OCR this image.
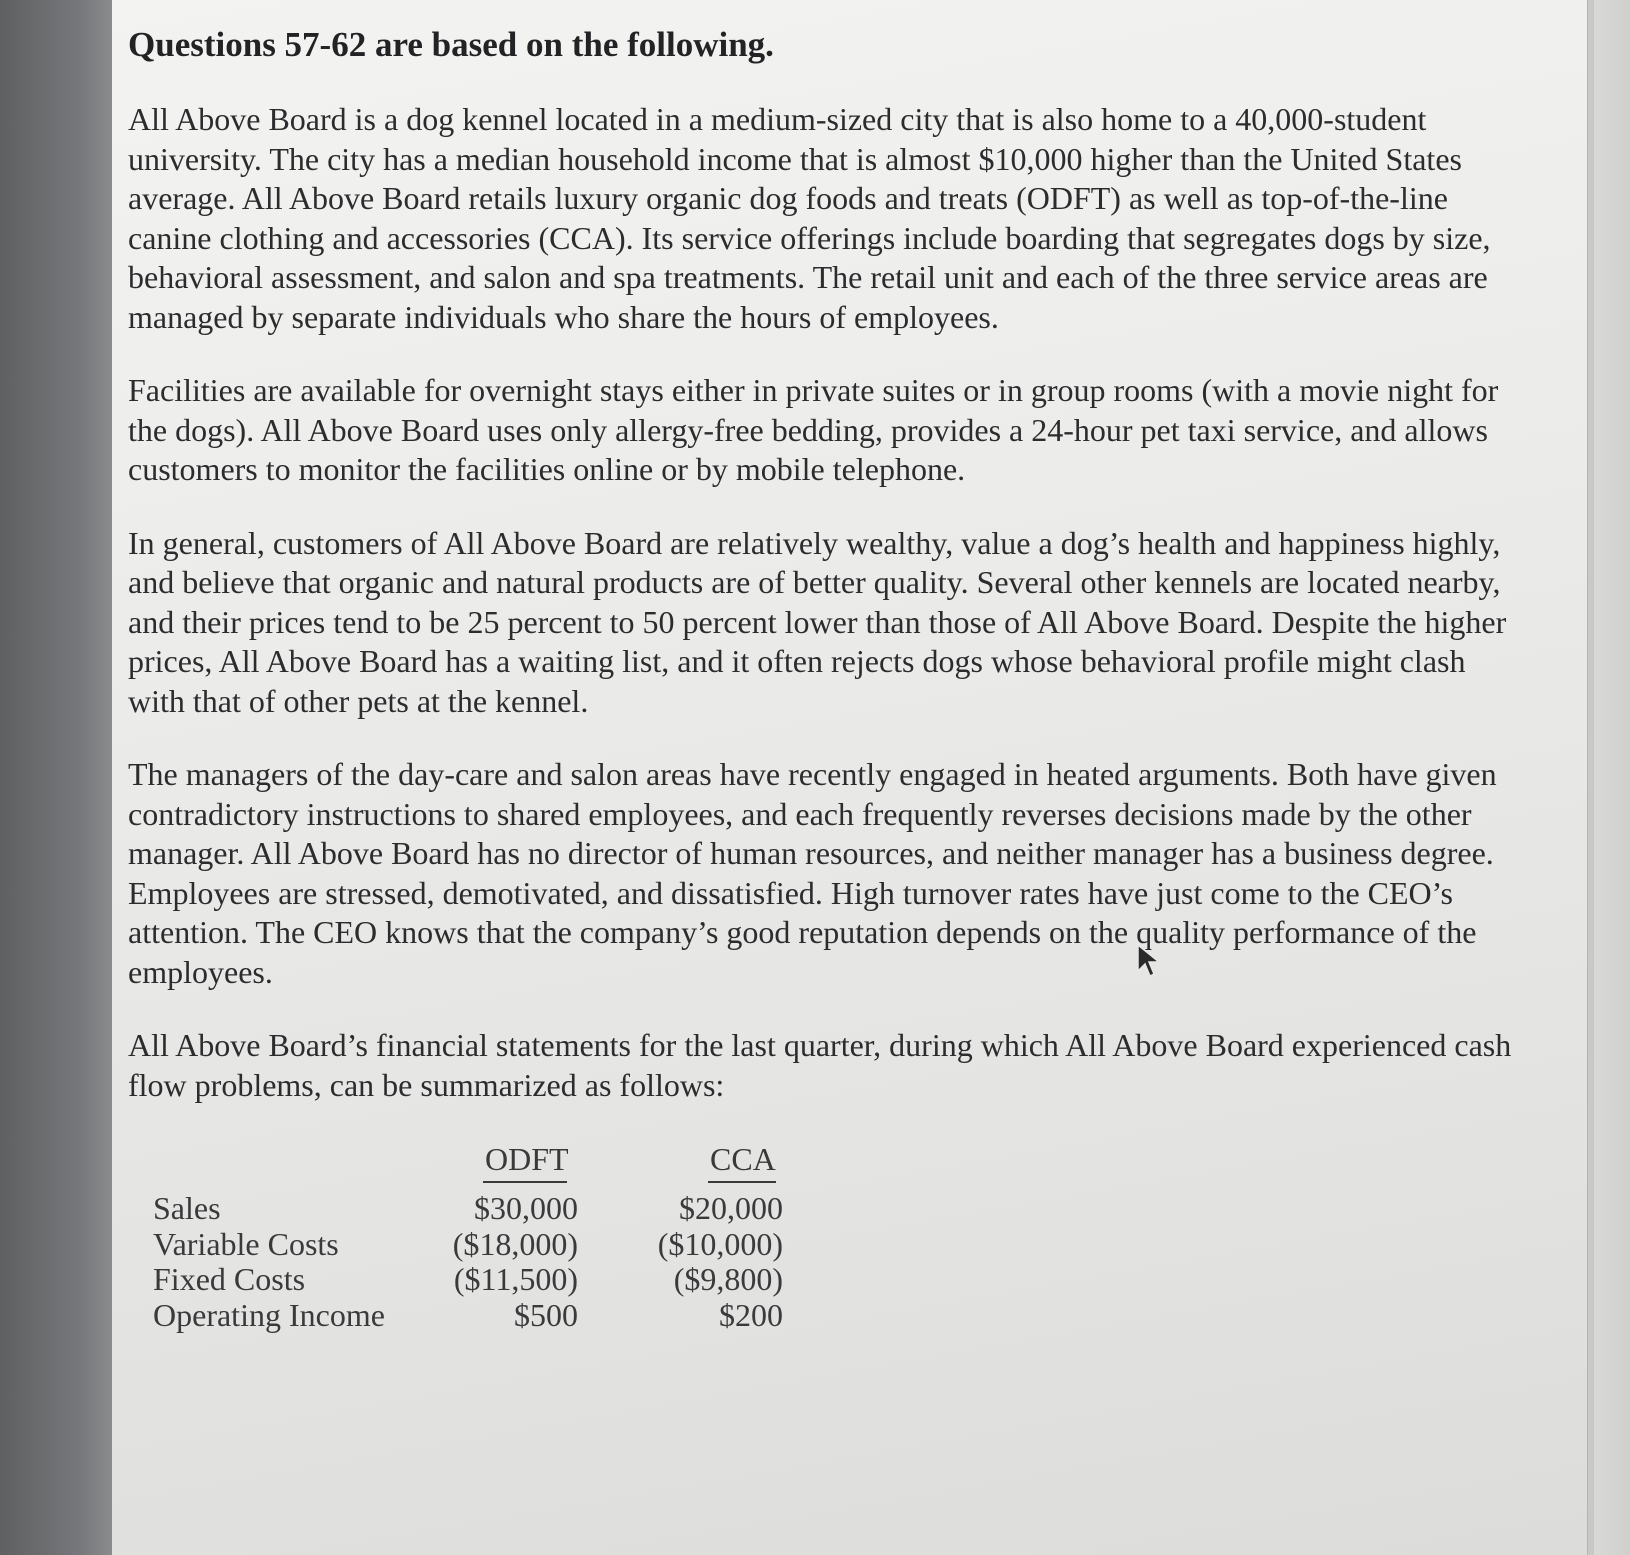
Questions 57-62 are based on the following.

All Above Board is a dog kennel located in a medium-sized city that is also home to a 40,000-student university. The city has a median household income that is almost $10,000 higher than the United States average. All Above Board retails luxury organic dog foods and treats (ODFT) as well as top-of-the-line canine clothing and accessories (CCA). Its service offerings include boarding that segregates dogs by size, behavioral assessment, and salon and spa treatments. The retail unit and each of the three service areas are managed by separate individuals who share the hours of employees.

Facilities are available for overnight stays either in private suites or in group rooms (with a movie night for the dogs). All Above Board uses only allergy-free bedding, provides a 24-hour pet taxi service, and allows customers to monitor the facilities online or by mobile telephone.

In general, customers of All Above Board are relatively wealthy, value a dog’s health and happiness highly, and believe that organic and natural products are of better quality. Several other kennels are located nearby, and their prices tend to be 25 percent to 50 percent lower than those of All Above Board. Despite the higher prices, All Above Board has a waiting list, and it often rejects dogs whose behavioral profile might clash with that of other pets at the kennel.

The managers of the day-care and salon areas have recently engaged in heated arguments. Both have given contradictory instructions to shared employees, and each frequently reverses decisions made by the other manager. All Above Board has no director of human resources, and neither manager has a business degree. Employees are stressed, demotivated, and dissatisfied. High turnover rates have just come to the CEO’s attention. The CEO knows that the company’s good reputation depends on the quality performance of the employees.

All Above Board’s financial statements for the last quarter, during which All Above Board experienced cash flow problems, can be summarized as follows:

ODFT	CCA
Sales
Variable Costs
Fixed Costs
Operating Income
$30,000
($18,000)
($11,500)
$500
$20,000
($10,000)
($9,800)
$200
